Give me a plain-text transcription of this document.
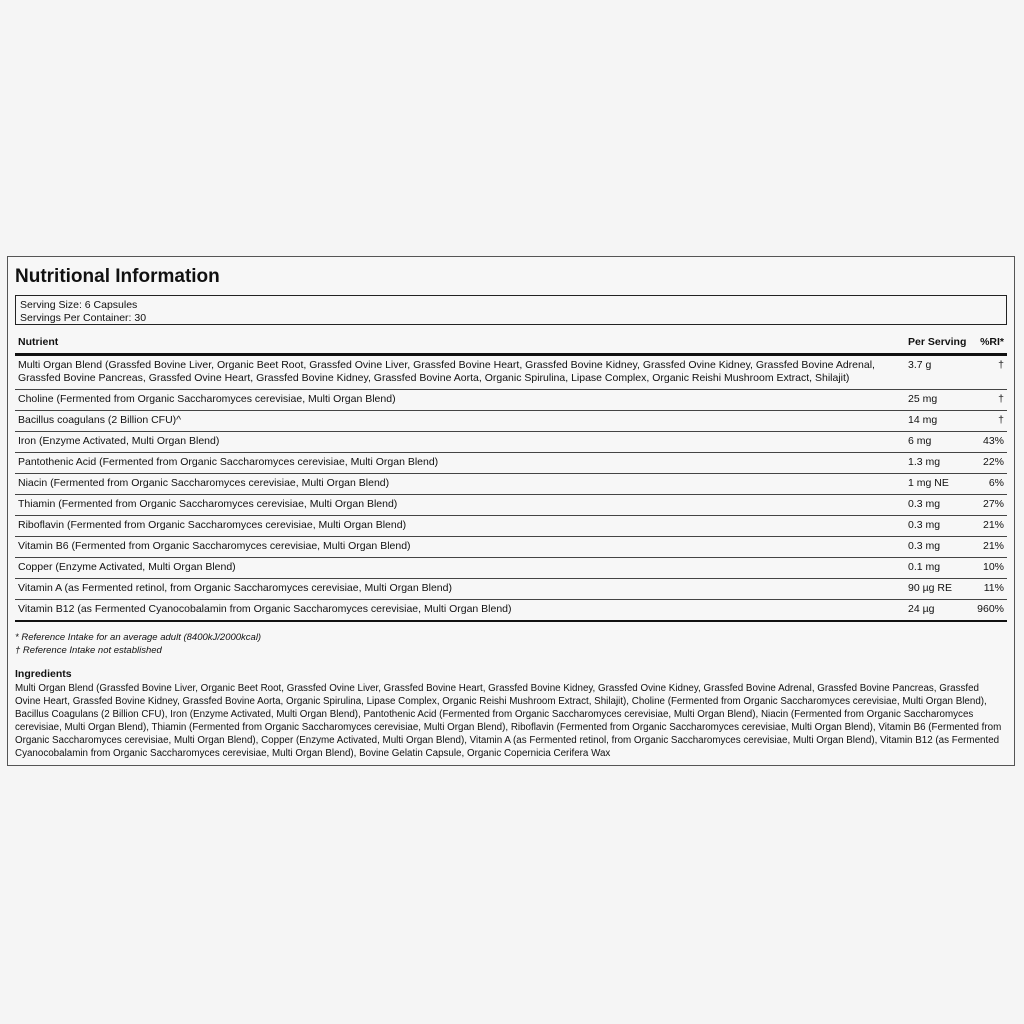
Nutritional Information
Serving Size: 6 Capsules
Servings Per Container: 30
Nutrient	Per Serving	%RI*
Multi Organ Blend (Grassfed Bovine Liver, Organic Beet Root, Grassfed Ovine Liver, Grassfed Bovine Heart, Grassfed Bovine Kidney, Grassfed Ovine Kidney, Grassfed Bovine Adrenal, Grassfed Bovine Pancreas, Grassfed Ovine Heart, Grassfed Bovine Kidney, Grassfed Bovine Aorta, Organic Spirulina, Lipase Complex, Organic Reishi Mushroom Extract, Shilajit)	3.7 g	†
Choline (Fermented from Organic Saccharomyces cerevisiae, Multi Organ Blend)	25 mg	†
Bacillus coagulans (2 Billion CFU)^	14 mg	†
Iron (Enzyme Activated, Multi Organ Blend)	6 mg	43%
Pantothenic Acid (Fermented from Organic Saccharomyces cerevisiae, Multi Organ Blend)	1.3 mg	22%
Niacin (Fermented from Organic Saccharomyces cerevisiae, Multi Organ Blend)	1 mg NE	6%
Thiamin (Fermented from Organic Saccharomyces cerevisiae, Multi Organ Blend)	0.3 mg	27%
Riboflavin (Fermented from Organic Saccharomyces cerevisiae, Multi Organ Blend)	0.3 mg	21%
Vitamin B6 (Fermented from Organic Saccharomyces cerevisiae, Multi Organ Blend)	0.3 mg	21%
Copper (Enzyme Activated, Multi Organ Blend)	0.1 mg	10%
Vitamin A (as Fermented retinol, from Organic Saccharomyces cerevisiae, Multi Organ Blend)	90 µg RE	11%
Vitamin B12 (as Fermented Cyanocobalamin from Organic Saccharomyces cerevisiae, Multi Organ Blend)	24 µg	960%
* Reference Intake for an average adult (8400kJ/2000kcal)
† Reference Intake not established
Ingredients
Multi Organ Blend (Grassfed Bovine Liver, Organic Beet Root, Grassfed Ovine Liver, Grassfed Bovine Heart, Grassfed Bovine Kidney, Grassfed Ovine Kidney, Grassfed Bovine Adrenal, Grassfed Bovine Pancreas, Grassfed Ovine Heart, Grassfed Bovine Kidney, Grassfed Bovine Aorta, Organic Spirulina, Lipase Complex, Organic Reishi Mushroom Extract, Shilajit), Choline (Fermented from Organic Saccharomyces cerevisiae, Multi Organ Blend), Bacillus Coagulans (2 Billion CFU), Iron (Enzyme Activated, Multi Organ Blend), Pantothenic Acid (Fermented from Organic Saccharomyces cerevisiae, Multi Organ Blend), Niacin (Fermented from Organic Saccharomyces cerevisiae, Multi Organ Blend), Thiamin (Fermented from Organic Saccharomyces cerevisiae, Multi Organ Blend), Riboflavin (Fermented from Organic Saccharomyces cerevisiae, Multi Organ Blend), Vitamin B6 (Fermented from Organic Saccharomyces cerevisiae, Multi Organ Blend), Copper (Enzyme Activated, Multi Organ Blend), Vitamin A (as Fermented retinol, from Organic Saccharomyces cerevisiae, Multi Organ Blend), Vitamin B12 (as Fermented Cyanocobalamin from Organic Saccharomyces cerevisiae, Multi Organ Blend), Bovine Gelatin Capsule, Organic Copernicia Cerifera Wax
